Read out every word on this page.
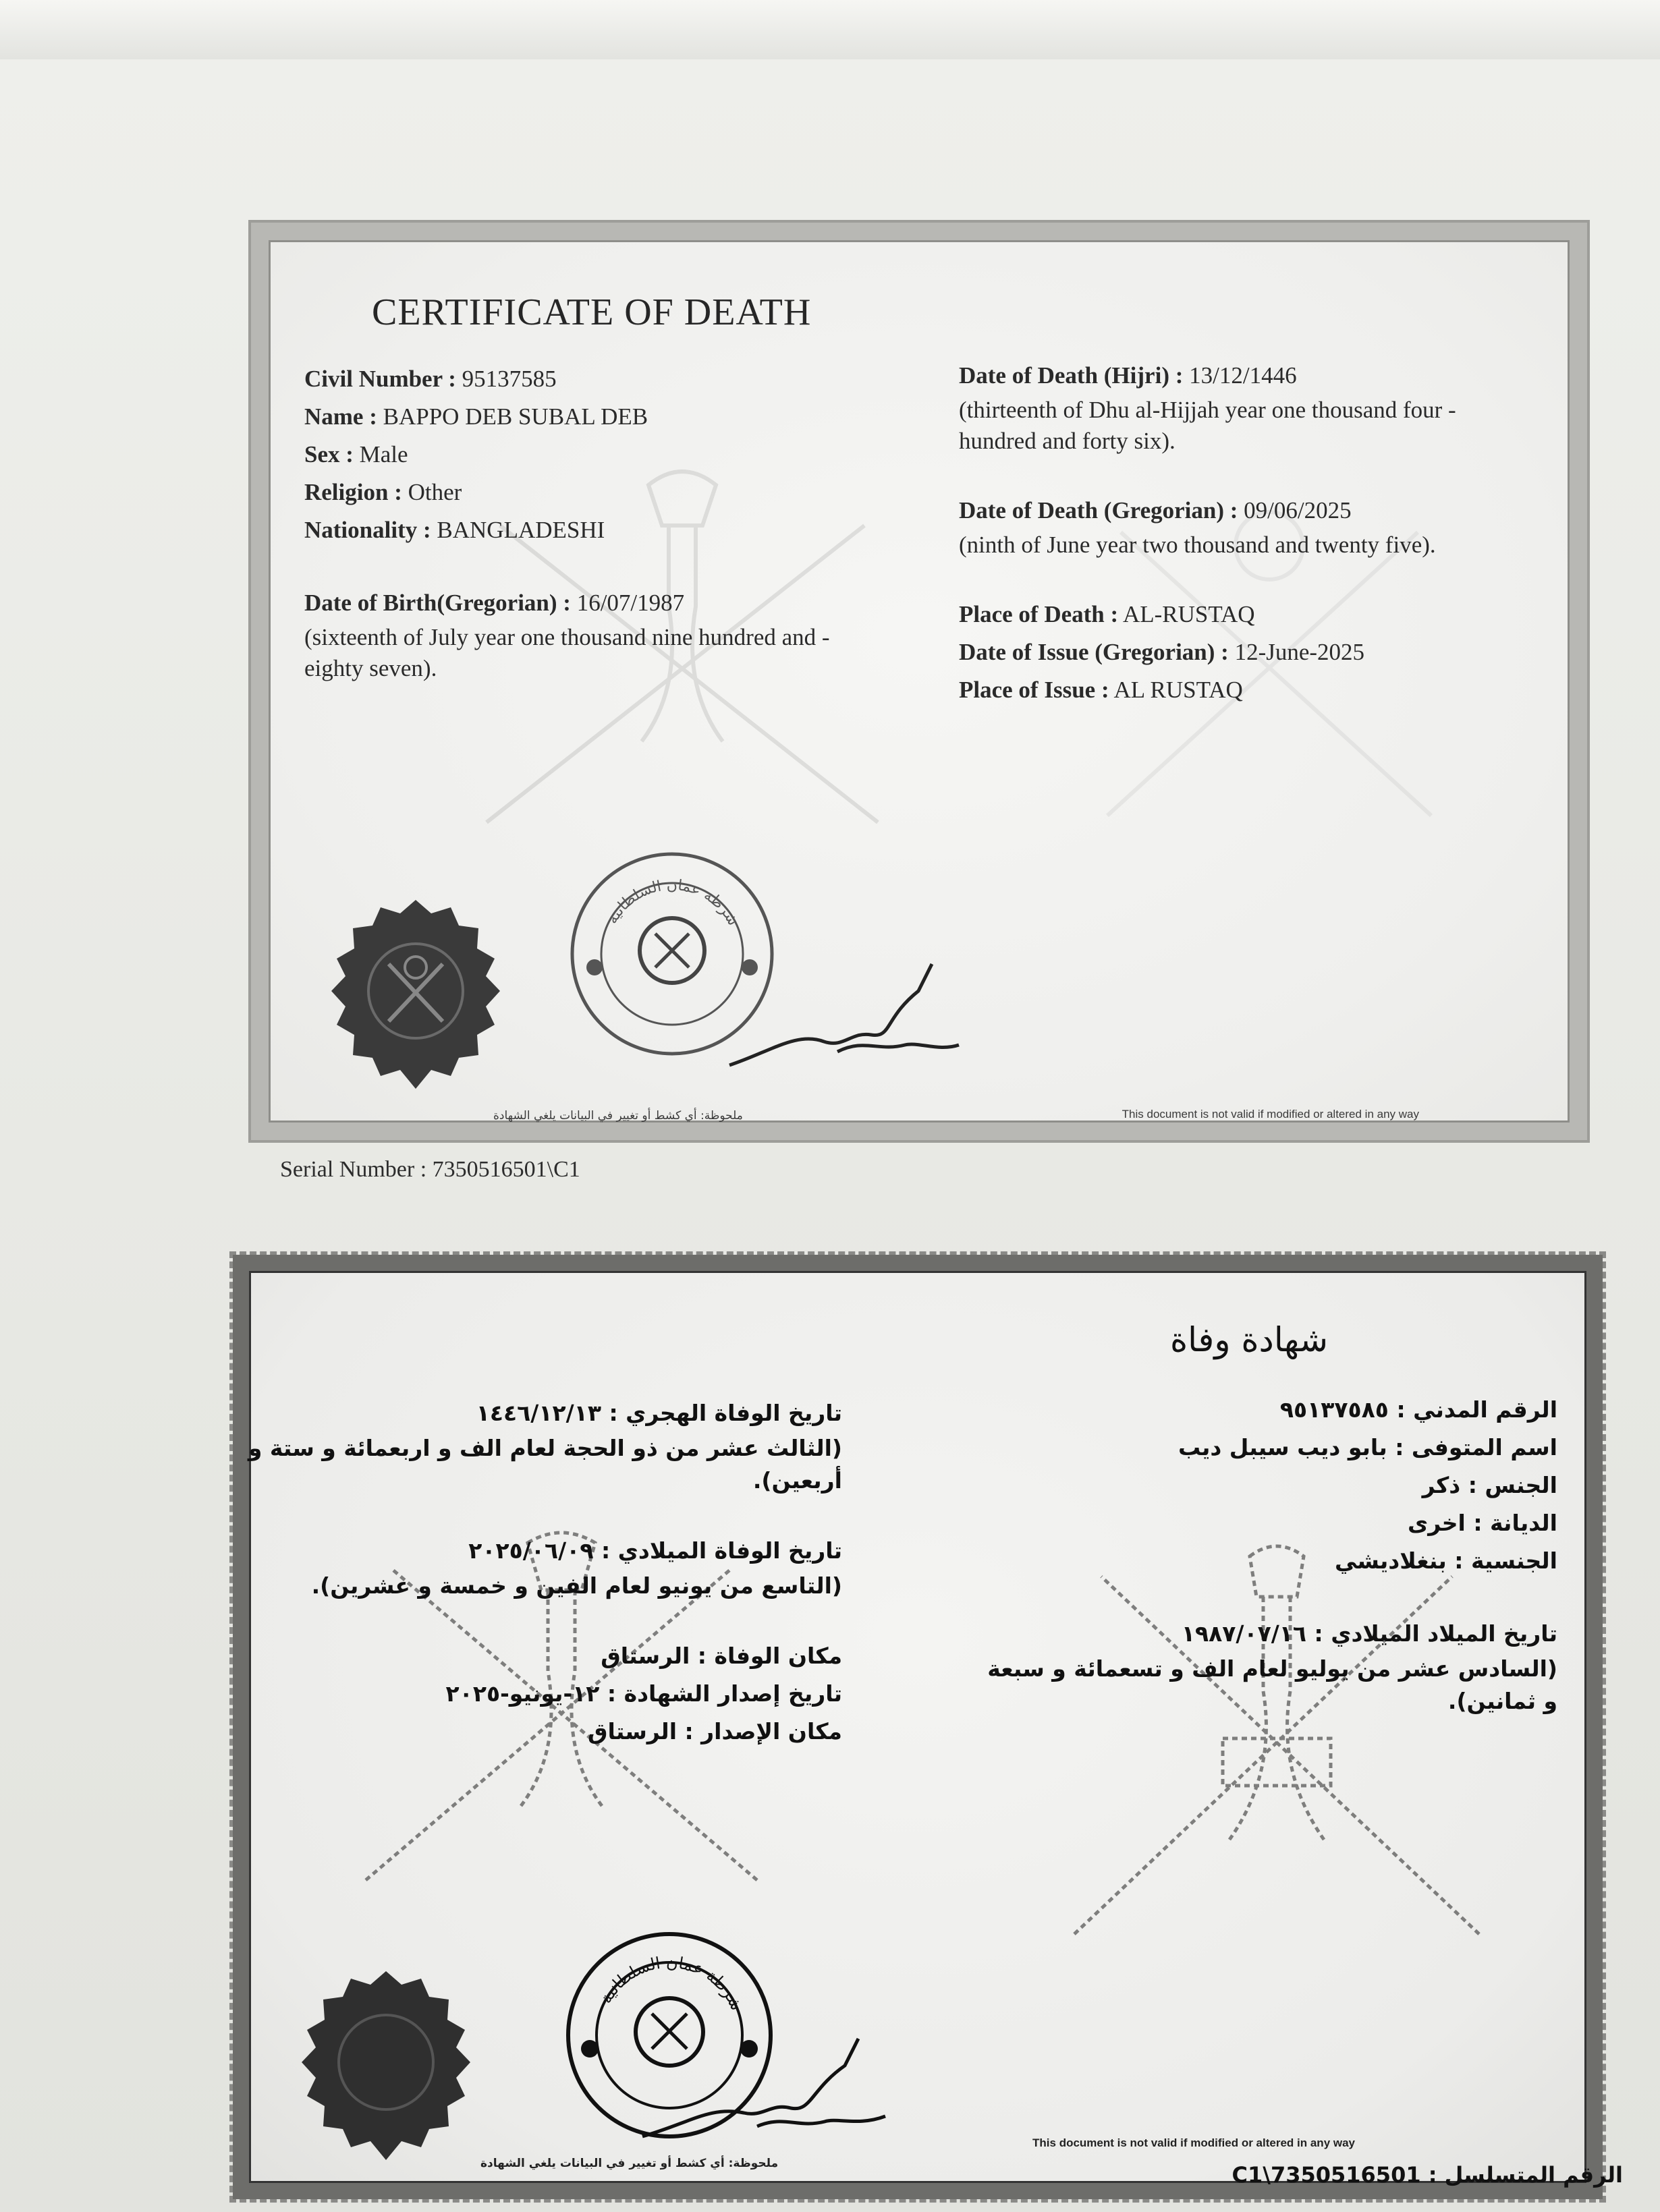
CERTIFICATE OF DEATH
Civil Number : 95137585
Name : BAPPO DEB SUBAL DEB
Sex : Male
Religion : Other
Nationality : BANGLADESHI
Date of Birth(Gregorian) : 16/07/1987
(sixteenth of July year one thousand nine hundred and - eighty seven).
Date of Death (Hijri) : 13/12/1446
(thirteenth of Dhu al-Hijjah year one thousand four - hundred and forty six).
Date of Death (Gregorian) : 09/06/2025
(ninth of June year two thousand and twenty five).
Place of Death : AL-RUSTAQ
Date of Issue (Gregorian) : 12-June-2025
Place of Issue : AL RUSTAQ
شرطة عمان السلطانية
ملحوظة: أي كشط أو تغيير في البيانات يلغي الشهادة	This document is not valid if modified or altered in any way
Serial Number : 7350516501\C1
شهادة وفاة
الرقم المدني : ٩٥١٣٧٥٨٥
اسم المتوفى : بابو ديب سيبل ديب
الجنس : ذكر
الديانة : اخرى
الجنسية : بنغلاديشي
تاريخ الميلاد الميلادي : ١٩٨٧/٠٧/١٦
(السادس عشر من يوليو لعام الف و تسعمائة و سبعة و ثمانين).
تاريخ الوفاة الهجري : ١٤٤٦/١٢/١٣
(الثالث عشر من ذو الحجة لعام الف و اربعمائة و ستة و أربعين).
تاريخ الوفاة الميلادي : ٢٠٢٥/٠٦/٠٩
(التاسع من يونيو لعام الفين و خمسة و عشرين).
مكان الوفاة : الرستاق
تاريخ إصدار الشهادة : ١٢-يونيو-٢٠٢٥
مكان الإصدار : الرستاق
شرطة عمان السلطانية
ملحوظة: أي كشط أو تغيير في البيانات يلغي الشهادة
This document is not valid if modified or altered in any way
الرقم المتسلسل : 7350516501\C1
